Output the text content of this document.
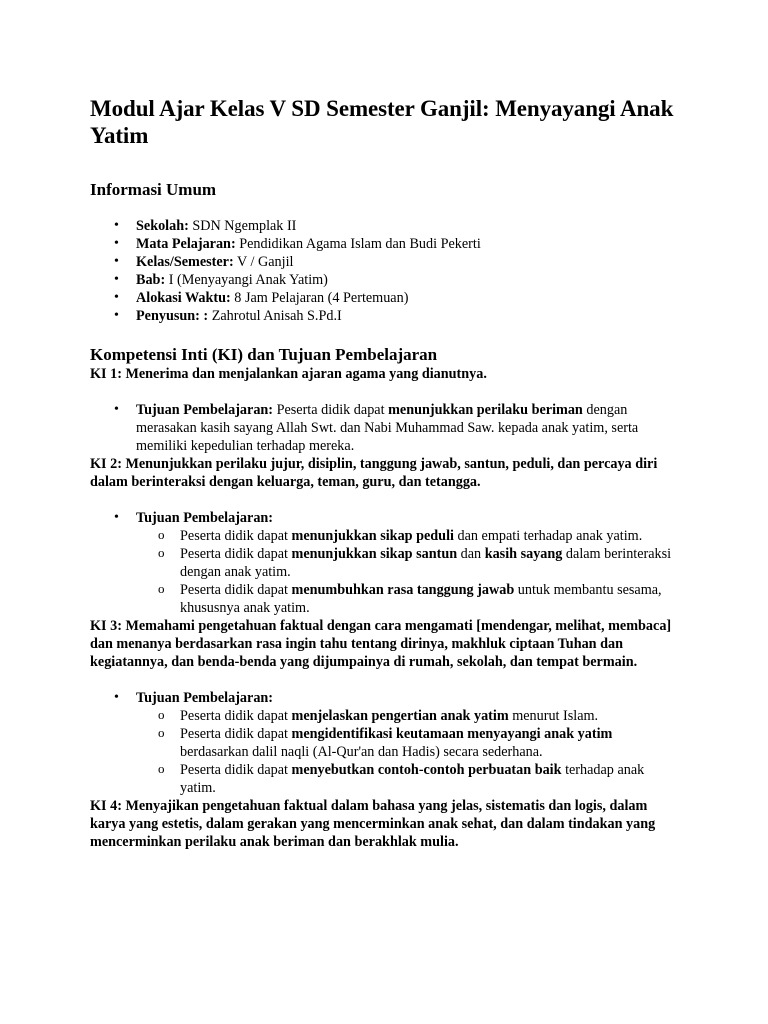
Modul Ajar Kelas V SD Semester Ganjil: Menyayangi Anak Yatim
Informasi Umum
• Sekolah: SDN Ngemplak II
• Mata Pelajaran: Pendidikan Agama Islam dan Budi Pekerti
• Kelas/Semester: V / Ganjil
• Bab: I (Menyayangi Anak Yatim)
• Alokasi Waktu: 8 Jam Pelajaran (4 Pertemuan)
• Penyusun: : Zahrotul Anisah S.Pd.I
Kompetensi Inti (KI) dan Tujuan Pembelajaran

KI 1: Menerima dan menjalankan ajaran agama yang dianutnya.

• Tujuan Pembelajaran: Peserta didik dapat menunjukkan perilaku beriman dengan merasakan kasih sayang Allah Swt. dan Nabi Muhammad Saw. kepada anak yatim, serta memiliki kepedulian terhadap mereka.

KI 2: Menunjukkan perilaku jujur, disiplin, tanggung jawab, santun, peduli, dan percaya diri dalam berinteraksi dengan keluarga, teman, guru, dan tetangga.

• Tujuan Pembelajaran:
o Peserta didik dapat menunjukkan sikap peduli dan empati terhadap anak yatim.
o Peserta didik dapat menunjukkan sikap santun dan kasih sayang dalam berinteraksi dengan anak yatim.
o Peserta didik dapat menumbuhkan rasa tanggung jawab untuk membantu sesama, khususnya anak yatim.

KI 3: Memahami pengetahuan faktual dengan cara mengamati [mendengar, melihat, membaca] dan menanya berdasarkan rasa ingin tahu tentang dirinya, makhluk ciptaan Tuhan dan kegiatannya, dan benda-benda yang dijumpainya di rumah, sekolah, dan tempat bermain.

• Tujuan Pembelajaran:
o Peserta didik dapat menjelaskan pengertian anak yatim menurut Islam.
o Peserta didik dapat mengidentifikasi keutamaan menyayangi anak yatim berdasarkan dalil naqli (Al-Qur'an dan Hadis) secara sederhana.
o Peserta didik dapat menyebutkan contoh-contoh perbuatan baik terhadap anak yatim.

KI 4: Menyajikan pengetahuan faktual dalam bahasa yang jelas, sistematis dan logis, dalam karya yang estetis, dalam gerakan yang mencerminkan anak sehat, dan dalam tindakan yang mencerminkan perilaku anak beriman dan berakhlak mulia.
